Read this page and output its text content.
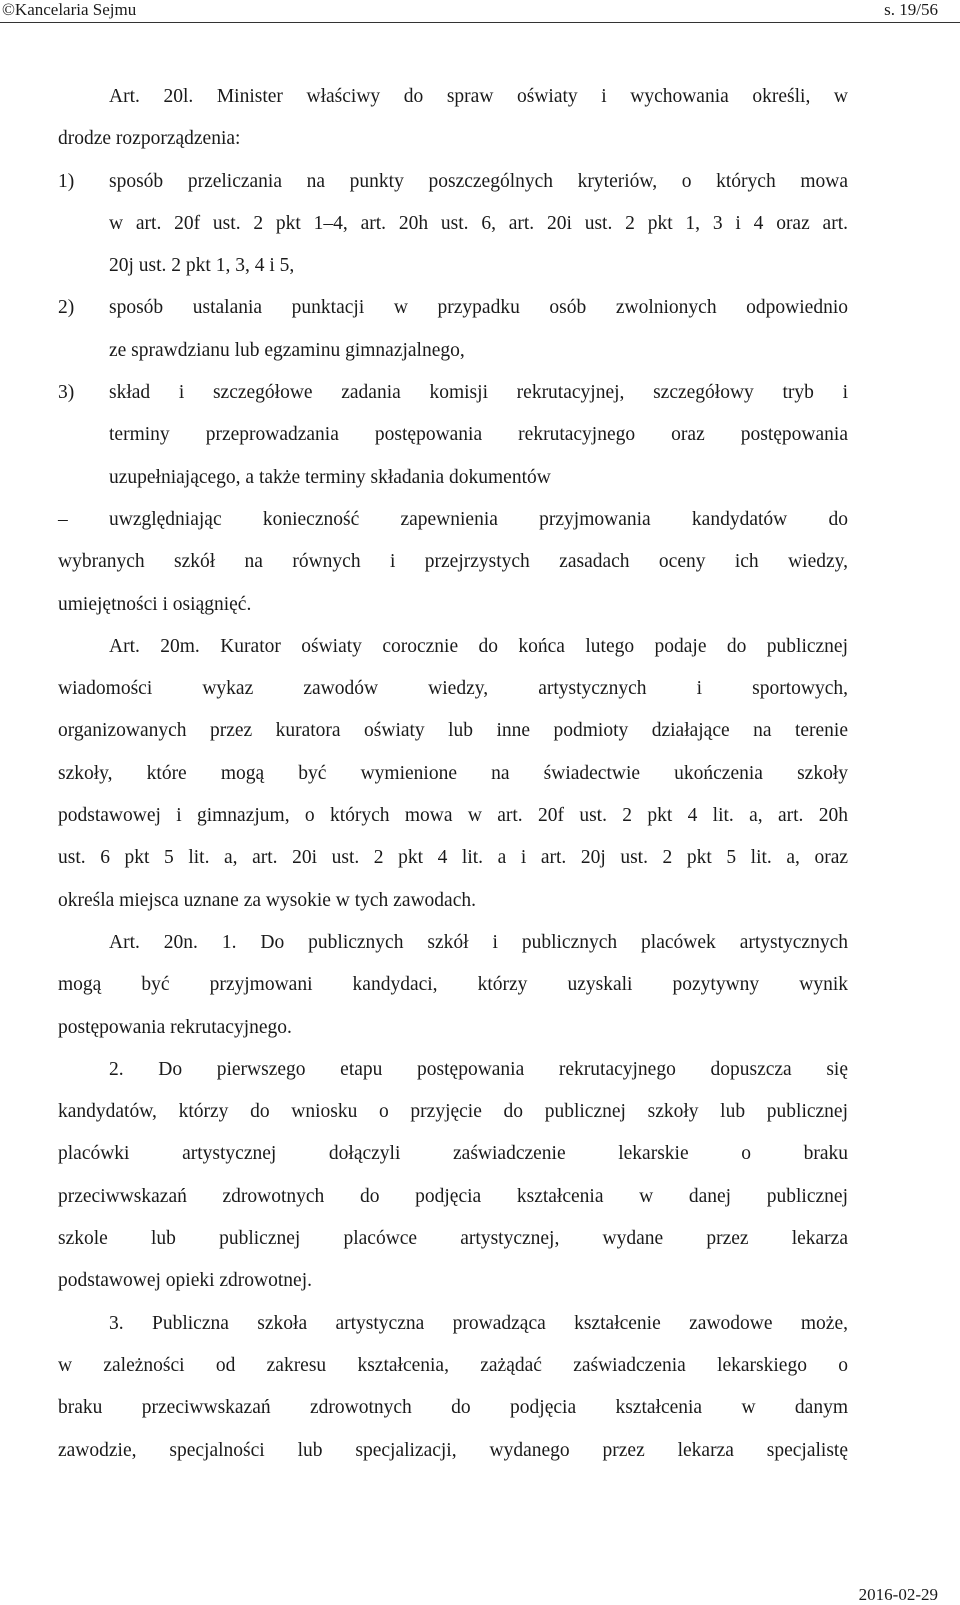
©Kancelaria Sejmu	s. 19/56
Art. 20l. Minister właściwy do spraw oświaty i wychowania określi, w
drodze rozporządzenia:
1) sposób przeliczania na punkty poszczególnych kryteriów, o których mowa
w art. 20f ust. 2 pkt 1–4, art. 20h ust. 6, art. 20i ust. 2 pkt 1, 3 i 4 oraz art.
20j ust. 2 pkt 1, 3, 4 i 5,
2) sposób ustalania punktacji w przypadku osób zwolnionych odpowiednio
ze sprawdzianu lub egzaminu gimnazjalnego,
3) skład i szczegółowe zadania komisji rekrutacyjnej, szczegółowy tryb i
terminy przeprowadzania postępowania rekrutacyjnego oraz postępowania
uzupełniającego, a także terminy składania dokumentów
– uwzględniając konieczność zapewnienia przyjmowania kandydatów do
wybranych szkół na równych i przejrzystych zasadach oceny ich wiedzy,
umiejętności i osiągnięć.
Art. 20m. Kurator oświaty corocznie do końca lutego podaje do publicznej
wiadomości wykaz zawodów wiedzy, artystycznych i sportowych,
organizowanych przez kuratora oświaty lub inne podmioty działające na terenie
szkoły, które mogą być wymienione na świadectwie ukończenia szkoły
podstawowej i gimnazjum, o których mowa w art. 20f ust. 2 pkt 4 lit. a, art. 20h
ust. 6 pkt 5 lit. a, art. 20i ust. 2 pkt 4 lit. a i art. 20j ust. 2 pkt 5 lit. a, oraz
określa miejsca uznane za wysokie w tych zawodach.
Art. 20n. 1. Do publicznych szkół i publicznych placówek artystycznych
mogą być przyjmowani kandydaci, którzy uzyskali pozytywny wynik
postępowania rekrutacyjnego.
2. Do pierwszego etapu postępowania rekrutacyjnego dopuszcza się
kandydatów, którzy do wniosku o przyjęcie do publicznej szkoły lub publicznej
placówki artystycznej dołączyli zaświadczenie lekarskie o braku
przeciwwskazań zdrowotnych do podjęcia kształcenia w danej publicznej
szkole lub publicznej placówce artystycznej, wydane przez lekarza
podstawowej opieki zdrowotnej.
3. Publiczna szkoła artystyczna prowadząca kształcenie zawodowe może,
w zależności od zakresu kształcenia, zażądać zaświadczenia lekarskiego o
braku przeciwwskazań zdrowotnych do podjęcia kształcenia w danym
zawodzie, specjalności lub specjalizacji, wydanego przez lekarza specjalistę
2016-02-29
